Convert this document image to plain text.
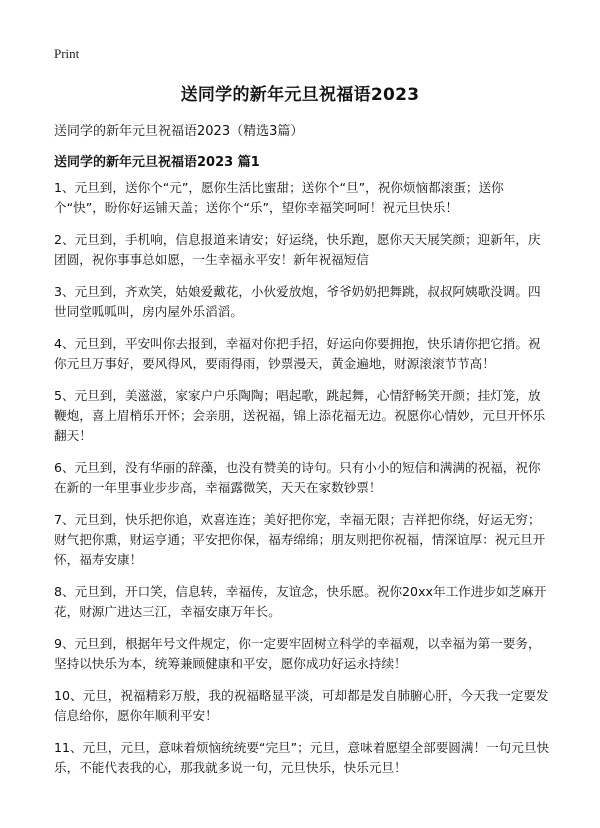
Print
送同学的新年元旦祝福语2023
送同学的新年元旦祝福语2023（精选3篇）
送同学的新年元旦祝福语2023 篇1

1、元旦到，送你个“元”，愿你生活比蜜甜；送你个“旦”，祝你烦恼都滚蛋；送你个“快”，盼你好运铺天盖；送你个“乐”，望你幸福笑呵呵！祝元旦快乐！

2、元旦到，手机响，信息报道来请安；好运绕，快乐跑，愿你天天展笑颜；迎新年，庆团圆，祝你事事总如愿，一生幸福永平安！新年祝福短信

3、元旦到，齐欢笑，姑娘爱戴花，小伙爱放炮，爷爷奶奶把舞跳，叔叔阿姨歌没调。四世同堂呱呱叫，房内屋外乐滔滔。

4、元旦到，平安叫你去报到，幸福对你把手招，好运向你要拥抱，快乐请你把它捎。祝你元旦万事好，要风得风，要雨得雨，钞票漫天，黄金遍地，财源滚滚节节高！

5、元旦到，美滋滋，家家户户乐陶陶；唱起歌，跳起舞，心情舒畅笑开颜；挂灯笼，放鞭炮，喜上眉梢乐开怀；会亲朋，送祝福，锦上添花福无边。祝愿你心情妙，元旦开怀乐翻天！

6、元旦到，没有华丽的辞藻，也没有赞美的诗句。只有小小的短信和满满的祝福，祝你在新的一年里事业步步高，幸福露微笑，天天在家数钞票！

7、元旦到，快乐把你追，欢喜连连；美好把你宠，幸福无限；吉祥把你绕，好运无穷；财气把你熏，财运亨通；平安把你保，福寿绵绵；朋友则把你祝福，情深谊厚：祝元旦开怀，福寿安康！

8、元旦到，开口笑，信息转，幸福传，友谊念，快乐愿。祝你20xx年工作进步如芝麻开花，财源广进达三江，幸福安康万年长。

9、元旦到，根据年号文件规定，你一定要牢固树立科学的幸福观，以幸福为第一要务，坚持以快乐为本，统筹兼顾健康和平安，愿你成功好运永持续！

10、元旦，祝福精彩万般，我的祝福略显平淡，可却都是发自肺腑心肝，今天我一定要发信息给你，愿你年顺利平安！

11、元旦，元旦，意味着烦恼统统要“完旦”；元旦，意味着愿望全部要圆满！一句元旦快乐，不能代表我的心，那我就多说一句，元旦快乐，快乐元旦！
